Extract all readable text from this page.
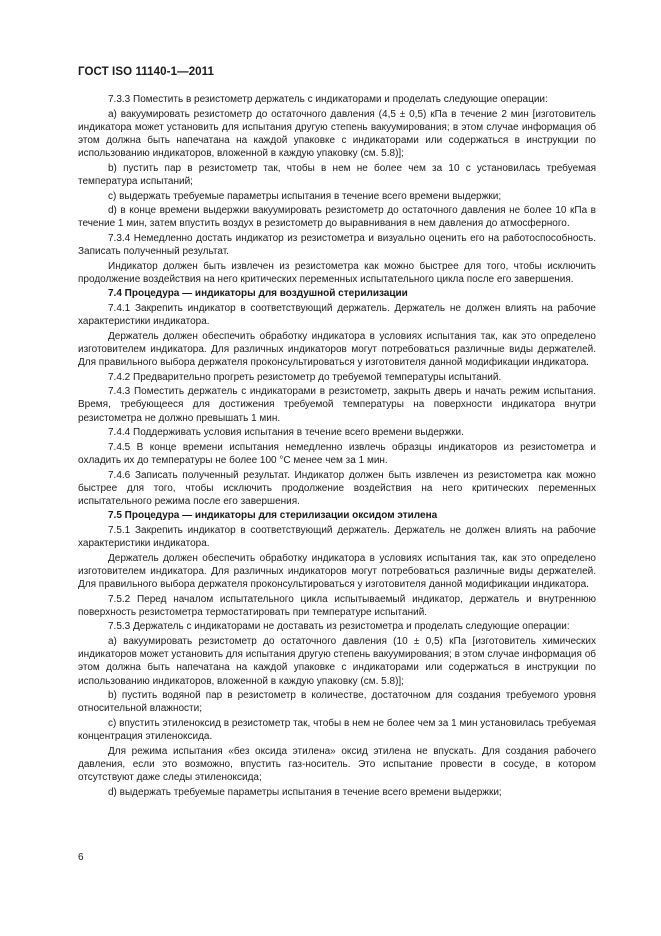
ГОСТ ISO 11140-1—2011

7.3.3 Поместить в резистометр держатель с индикаторами и проделать следующие операции:

а) вакуумировать резистометр до остаточного давления (4,5 ± 0,5) кПа в течение 2 мин [изготовитель индикатора может установить для испытания другую степень вакуумирования; в этом случае информация об этом должна быть напечатана на каждой упаковке с индикаторами или содержаться в инструкции по использованию индикаторов, вложенной в каждую упаковку (см. 5.8)];

b) пустить пар в резистометр так, чтобы в нем не более чем за 10 с установилась требуемая температура испытаний;

c) выдержать требуемые параметры испытания в течение всего времени выдержки;

d) в конце времени выдержки вакуумировать резистометр до остаточного давления не более 10 кПа в течение 1 мин, затем впустить воздух в резистометр до выравнивания в нем давления до атмосферного.

7.3.4 Немедленно достать индикатор из резистометра и визуально оценить его на работоспособность. Записать полученный результат.

Индикатор должен быть извлечен из резистометра как можно быстрее для того, чтобы исключить продолжение воздействия на него критических переменных испытательного цикла после его завершения.

7.4 Процедура — индикаторы для воздушной стерилизации

7.4.1 Закрепить индикатор в соответствующий держатель. Держатель не должен влиять на рабочие характеристики индикатора.

Держатель должен обеспечить обработку индикатора в условиях испытания так, как это определено изготовителем индикатора. Для различных индикаторов могут потребоваться различные виды держателей. Для правильного выбора держателя проконсультироваться у изготовителя данной модификации индикатора.

7.4.2 Предварительно прогреть резистометр до требуемой температуры испытаний.

7.4.3 Поместить держатель с индикаторами в резистометр, закрыть дверь и начать режим испытания. Время, требующееся для достижения требуемой температуры на поверхности индикатора внутри резистометра не должно превышать 1 мин.

7.4.4 Поддерживать условия испытания в течение всего времени выдержки.

7.4.5 В конце времени испытания немедленно извлечь образцы индикаторов из резистометра и охладить их до температуры не более 100 °С менее чем за 1 мин.

7.4.6 Записать полученный результат. Индикатор должен быть извлечен из резистометра как можно быстрее для того, чтобы исключить продолжение воздействия на него критических переменных испытательного режима после его завершения.

7.5 Процедура — индикаторы для стерилизации оксидом этилена

7.5.1 Закрепить индикатор в соответствующий держатель. Держатель не должен влиять на рабочие характеристики индикатора.

Держатель должен обеспечить обработку индикатора в условиях испытания так, как это определено изготовителем индикатора. Для различных индикаторов могут потребоваться различные виды держателей. Для правильного выбора держателя проконсультироваться у изготовителя данной модификации индикатора.

7.5.2 Перед началом испытательного цикла испытываемый индикатор, держатель и внутреннюю поверхность резистометра термостатировать при температуре испытаний.

7.5.3 Держатель с индикаторами не доставать из резистометра и проделать следующие операции:

а) вакуумировать резистометр до остаточного давления (10 ± 0,5) кПа [изготовитель химических индикаторов может установить для испытания другую степень вакуумирования; в этом случае информация об этом должна быть напечатана на каждой упаковке с индикаторами или содержаться в инструкции по использованию индикаторов, вложенной в каждую упаковку (см. 5.8)];

b) пустить водяной пар в резистометр в количестве, достаточном для создания требуемого уровня относительной влажности;

c) впустить этиленоксид в резистометр так, чтобы в нем не более чем за 1 мин установилась требуемая концентрация этиленоксида.

Для режима испытания «без оксида этилена» оксид этилена не впускать. Для создания рабочего давления, если это возможно, впустить газ-носитель. Это испытание провести в сосуде, в котором отсутствуют даже следы этиленоксида;

d) выдержать требуемые параметры испытания в течение всего времени выдержки;

6
